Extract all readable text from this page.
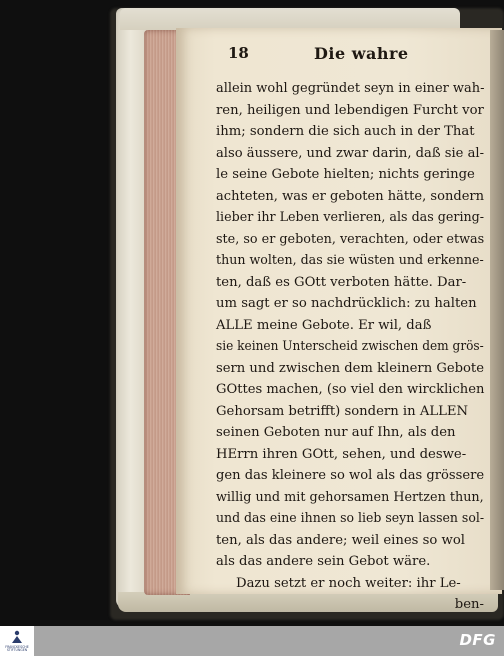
18	Die wahre
allein wohl gegründet seyn in einer wah-
ren, heiligen und lebendigen Furcht vor
ihm; sondern die sich auch in der That
also äussere, und zwar darin, daß sie al-
le seine Gebote hielten; nichts geringe
achteten, was er geboten hätte, sondern
lieber ihr Leben verlieren, als das gering-
ste, so er geboten, verachten, oder etwas
thun wolten, das sie wüsten und erkenne-
ten, daß es GOtt verboten hätte. Dar-
um sagt er so nachdrücklich: zu halten
ALLE meine Gebote. Er wil, daß
sie keinen Unterscheid zwischen dem grös-
sern und zwischen dem kleinern Gebote
GOttes machen, (so viel den wircklichen
Gehorsam betrifft) sondern in ALLEN
seinen Geboten nur auf Ihn, als den
HErrn ihren GOtt, sehen, und deswe-
gen das kleinere so wol als das grössere
willig und mit gehorsamen Hertzen thun,
und das eine ihnen so lieb seyn lassen sol-
ten, als das andere; weil eines so wol
als das andere sein Gebot wäre.
Dazu setzt er noch weiter: ihr Le-
ben-
FRANCKESCHE STIFTUNGEN
DFG
